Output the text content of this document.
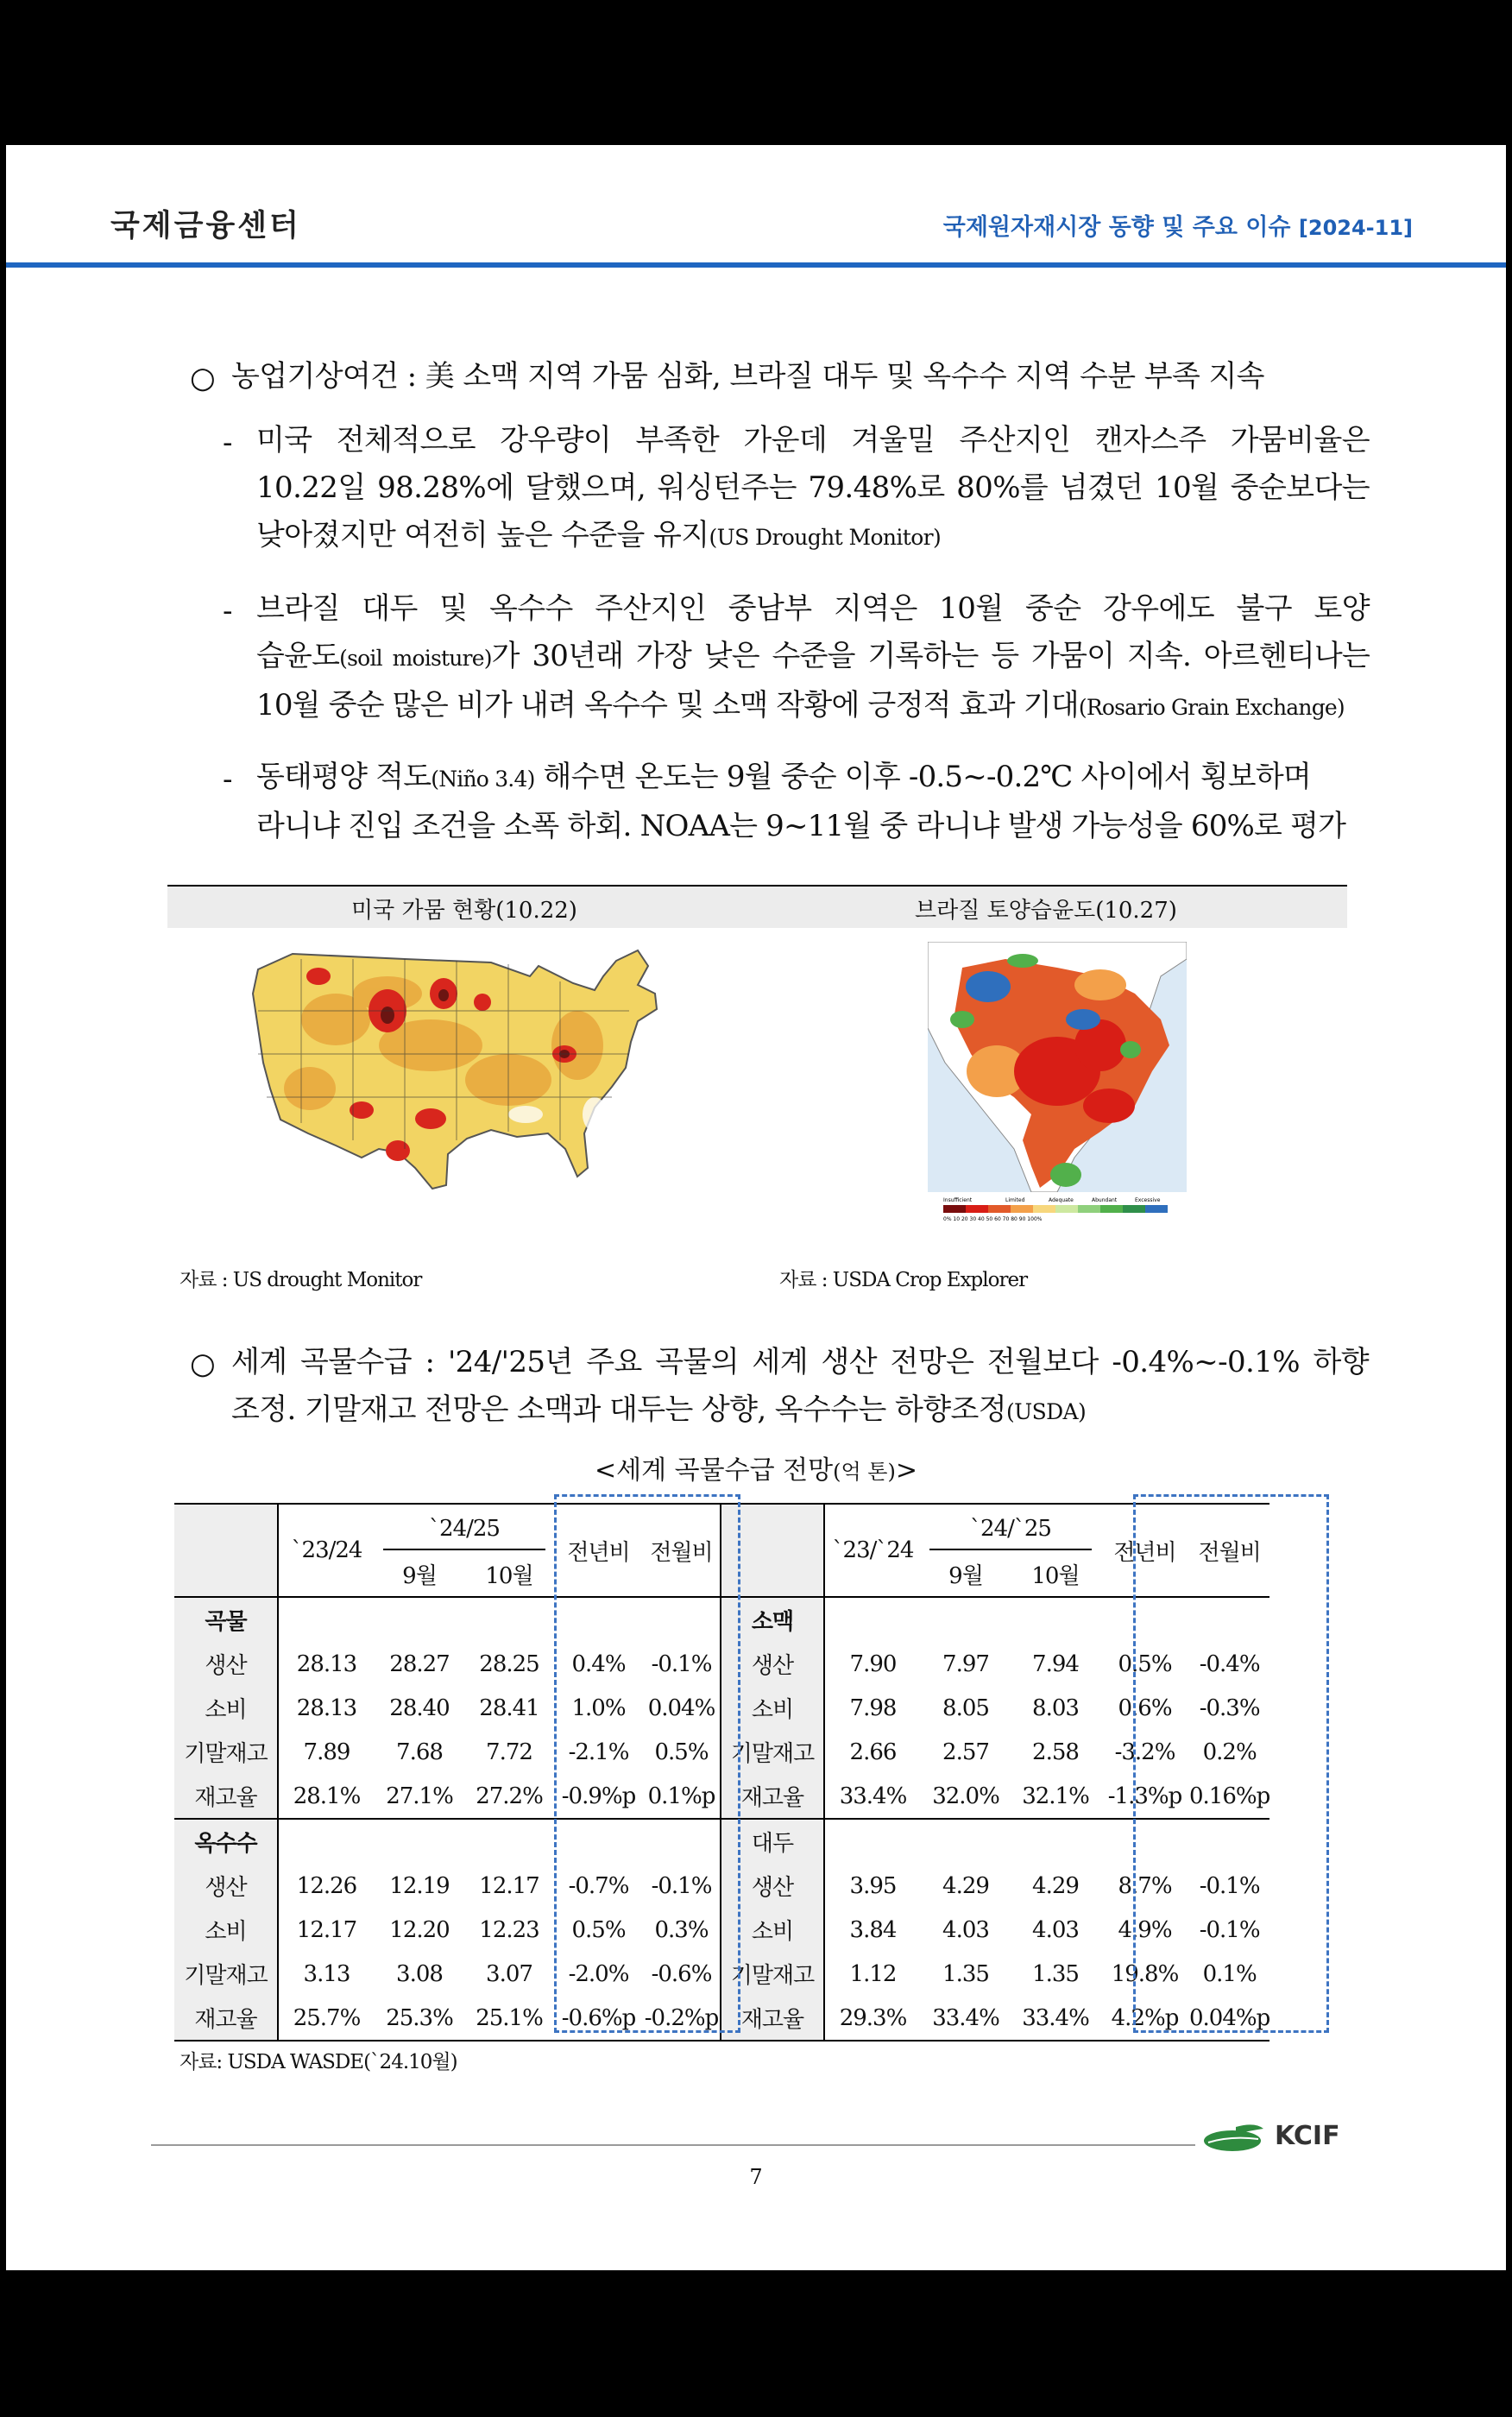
국제금융센터	국제원자재시장 동향 및 주요 이슈 [2024-11]
○ 농업기상여건 : 美 소맥 지역 가뭄 심화, 브라질 대두 및 옥수수 지역 수분 부족 지속
- 미국 전체적으로 강우량이 부족한 가운데 겨울밀 주산지인 캔자스주 가뭄비율은
10.22일 98.28%에 달했으며, 워싱턴주는 79.48%로 80%를 넘겼던 10월 중순보다는
낮아졌지만 여전히 높은 수준을 유지(US Drought Monitor)
- 브라질 대두 및 옥수수 주산지인 중남부 지역은 10월 중순 강우에도 불구 토양
습윤도(soil moisture)가 30년래 가장 낮은 수준을 기록하는 등 가뭄이 지속. 아르헨티나는
10월 중순 많은 비가 내려 옥수수 및 소맥 작황에 긍정적 효과 기대(Rosario Grain Exchange)
- 동태평양 적도(Niño 3.4) 해수면 온도는 9월 중순 이후 -0.5~-0.2℃ 사이에서 횡보하며
라니냐 진입 조건을 소폭 하회. NOAA는 9~11월 중 라니냐 발생 가능성을 60%로 평가
미국 가뭄 현황(10.22)	브라질 토양습윤도(10.27)
Insufficient	Limited	Adequate	Abundant	Excessive
0% 10 20 30 40 50 60 70 80 90 100%
자료 : US drought Monitor	자료 : USDA Crop Explorer
○ 세계 곡물수급 : '24/'25년 주요 곡물의 세계 생산 전망은 전월보다 -0.4%~-0.1% 하향
조정. 기말재고 전망은 소맥과 대두는 상향, 옥수수는 하향조정(USDA)
<세계 곡물수급 전망(억 톤)>
	`23/24	`24/25		전년비	전월비		`23/`24	`24/`25		전년비	전월비
		9월	10월					9월	10월		
곡물						소맥					
생산	28.13	28.27	28.25	0.4%	-0.1%	생산	7.90	7.97	7.94	0.5%	-0.4%
소비	28.13	28.40	28.41	1.0%	0.04%	소비	7.98	8.05	8.03	0.6%	-0.3%
기말재고	7.89	7.68	7.72	-2.1%	0.5%	기말재고	2.66	2.57	2.58	-3.2%	0.2%
재고율	28.1%	27.1%	27.2%	-0.9%p	0.1%p	재고율	33.4%	32.0%	32.1%	-1.3%p	0.16%p
옥수수						대두					
생산	12.26	12.19	12.17	-0.7%	-0.1%	생산	3.95	4.29	4.29	8.7%	-0.1%
소비	12.17	12.20	12.23	0.5%	0.3%	소비	3.84	4.03	4.03	4.9%	-0.1%
기말재고	3.13	3.08	3.07	-2.0%	-0.6%	기말재고	1.12	1.35	1.35	19.8%	0.1%
재고율	25.7%	25.3%	25.1%	-0.6%p	-0.2%p	재고율	29.3%	33.4%	33.4%	4.2%p	0.04%p
자료: USDA WASDE(`24.10월)
KCIF
7
